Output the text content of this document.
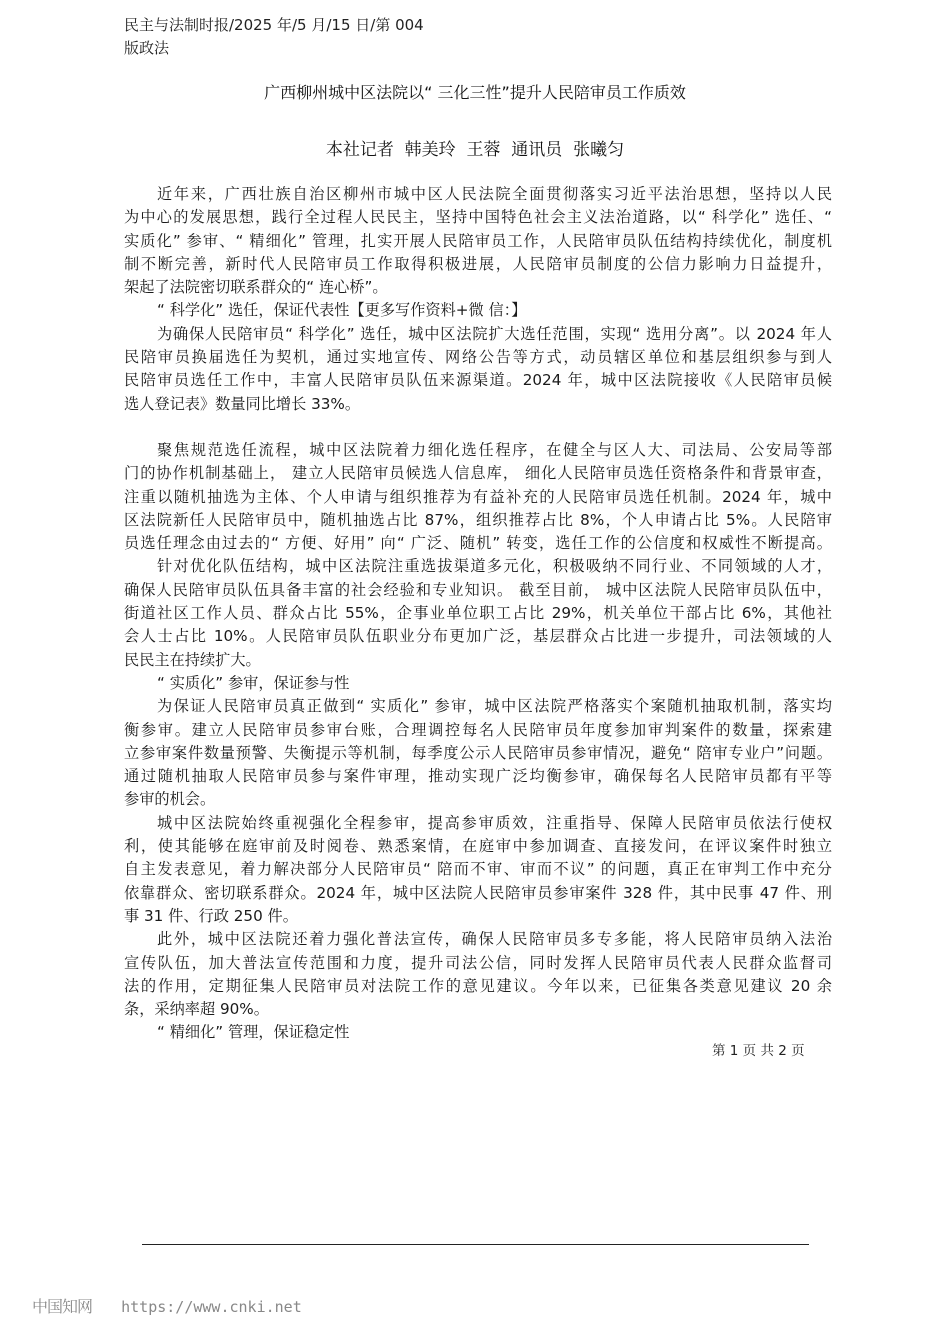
民主与法制时报/2025 年/5 月/15 日/第 004
版政法
广西柳州城中区法院以“ 三化三性”提升人民陪审员工作质效
本社记者  韩美玲  王蓉  通讯员  张曦匀
近年来，广西壮族自治区柳州市城中区人民法院全面贯彻落实习近平法治思想，坚持以人民
为中心的发展思想，践行全过程人民民主，坚持中国特色社会主义法治道路，以“ 科学化” 选任、“
实质化” 参审、“ 精细化” 管理，扎实开展人民陪审员工作，人民陪审员队伍结构持续优化，制度机
制不断完善，新时代人民陪审员工作取得积极进展，人民陪审员制度的公信力影响力日益提升，
架起了法院密切联系群众的“ 连心桥”。
“ 科学化” 选任，保证代表性【更多写作资料+微 信：】
为确保人民陪审员“ 科学化” 选任，城中区法院扩大选任范围，实现“ 选用分离”。以 2024 年人
民陪审员换届选任为契机，通过实地宣传、网络公告等方式，动员辖区单位和基层组织参与到人
民陪审员选任工作中，丰富人民陪审员队伍来源渠道。2024 年，城中区法院接收《人民陪审员候
选人登记表》数量同比增长 33%。
聚焦规范选任流程，城中区法院着力细化选任程序，在健全与区人大、司法局、公安局等部
门的协作机制基础上， 建立人民陪审员候选人信息库， 细化人民陪审员选任资格条件和背景审查，
注重以随机抽选为主体、个人申请与组织推荐为有益补充的人民陪审员选任机制。2024 年，城中
区法院新任人民陪审员中，随机抽选占比 87%，组织推荐占比 8%，个人申请占比 5%。人民陪审
员选任理念由过去的“ 方便、好用” 向“ 广泛、随机” 转变，选任工作的公信度和权威性不断提高。
针对优化队伍结构，城中区法院注重选拔渠道多元化，积极吸纳不同行业、不同领域的人才，
确保人民陪审员队伍具备丰富的社会经验和专业知识。 截至目前， 城中区法院人民陪审员队伍中，
街道社区工作人员、群众占比 55%，企事业单位职工占比 29%，机关单位干部占比 6%，其他社
会人士占比 10%。人民陪审员队伍职业分布更加广泛，基层群众占比进一步提升，司法领域的人
民民主在持续扩大。
“ 实质化” 参审，保证参与性
为保证人民陪审员真正做到“ 实质化” 参审，城中区法院严格落实个案随机抽取机制，落实均
衡参审。建立人民陪审员参审台账，合理调控每名人民陪审员年度参加审判案件的数量，探索建
立参审案件数量预警、失衡提示等机制，每季度公示人民陪审员参审情况，避免“ 陪审专业户”问题。
通过随机抽取人民陪审员参与案件审理，推动实现广泛均衡参审，确保每名人民陪审员都有平等
参审的机会。
城中区法院始终重视强化全程参审，提高参审质效，注重指导、保障人民陪审员依法行使权
利，使其能够在庭审前及时阅卷、熟悉案情，在庭审中参加调查、直接发问，在评议案件时独立
自主发表意见，着力解决部分人民陪审员“ 陪而不审、审而不议” 的问题，真正在审判工作中充分
依靠群众、密切联系群众。2024 年，城中区法院人民陪审员参审案件 328 件，其中民事 47 件、刑
事 31 件、行政 250 件。
此外，城中区法院还着力强化普法宣传，确保人民陪审员多专多能，将人民陪审员纳入法治
宣传队伍，加大普法宣传范围和力度，提升司法公信，同时发挥人民陪审员代表人民群众监督司
法的作用，定期征集人民陪审员对法院工作的意见建议。今年以来，已征集各类意见建议 20 余
条，采纳率超 90%。
“ 精细化” 管理，保证稳定性
第 1 页 共 2 页
中国知网 https://www.cnki.net
